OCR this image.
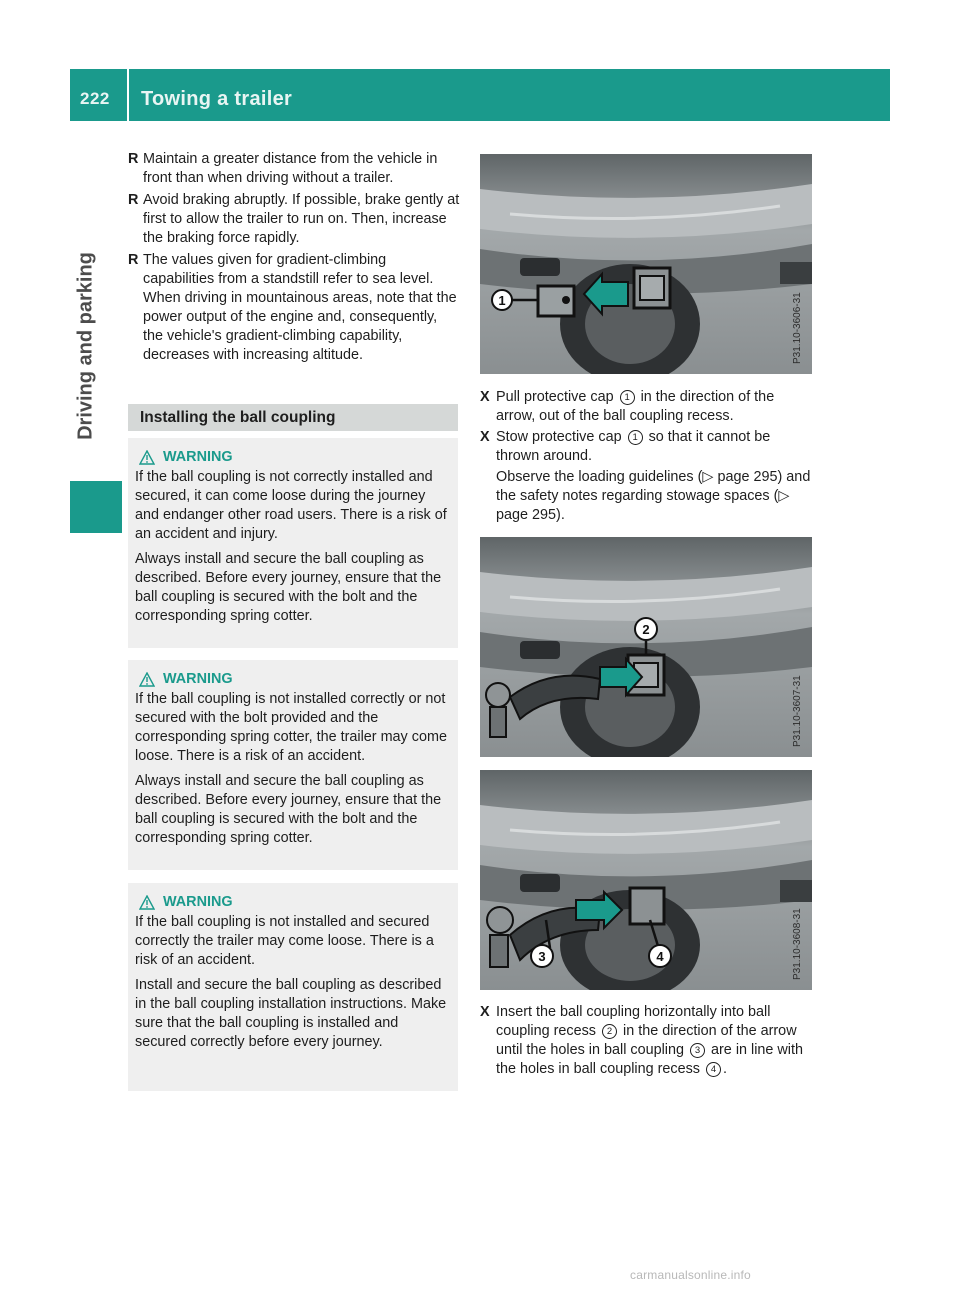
222 Towing a trailer
Driving and parking
R Maintain a greater distance from the vehicle in front than when driving without a trailer.
R Avoid braking abruptly. If possible, brake gently at first to allow the trailer to run on. Then, increase the braking force rapidly.
R The values given for gradient-climbing capabilities from a standstill refer to sea level. When driving in mountainous areas, note that the power output of the engine and, consequently, the vehicle's gradient-climbing capability, decreases with increasing altitude.
Installing the ball coupling
WARNING

If the ball coupling is not correctly installed and secured, it can come loose during the journey and endanger other road users. There is a risk of an accident and injury.

Always install and secure the ball coupling as described. Before every journey, ensure that the ball coupling is secured with the bolt and the corresponding spring cotter.

WARNING

If the ball coupling is not installed correctly or not secured with the bolt provided and the corresponding spring cotter, the trailer may come loose. There is a risk of an accident.

Always install and secure the ball coupling as described. Before every journey, ensure that the ball coupling is secured with the bolt and the corresponding spring cotter.

WARNING

If the ball coupling is not installed and secured correctly the trailer may come loose. There is a risk of an accident.

Install and secure the ball coupling as described in the ball coupling installation instructions. Make sure that the ball coupling is installed and secured correctly before every journey.

1	P31.10-3606-31
X Pull protective cap 1 in the direction of the arrow, out of the ball coupling recess.
X Stow protective cap 1 so that it cannot be thrown around.
Observe the loading guidelines (▷ page 295) and the safety notes regarding stowage spaces (▷ page 295).
2
P31.10-3607-31
3	4	P31.10-3608-31
X Insert the ball coupling horizontally into ball coupling recess 2 in the direction of the arrow until the holes in ball coupling 3 are in line with the holes in ball coupling recess 4 .
carmanualsonline.info
